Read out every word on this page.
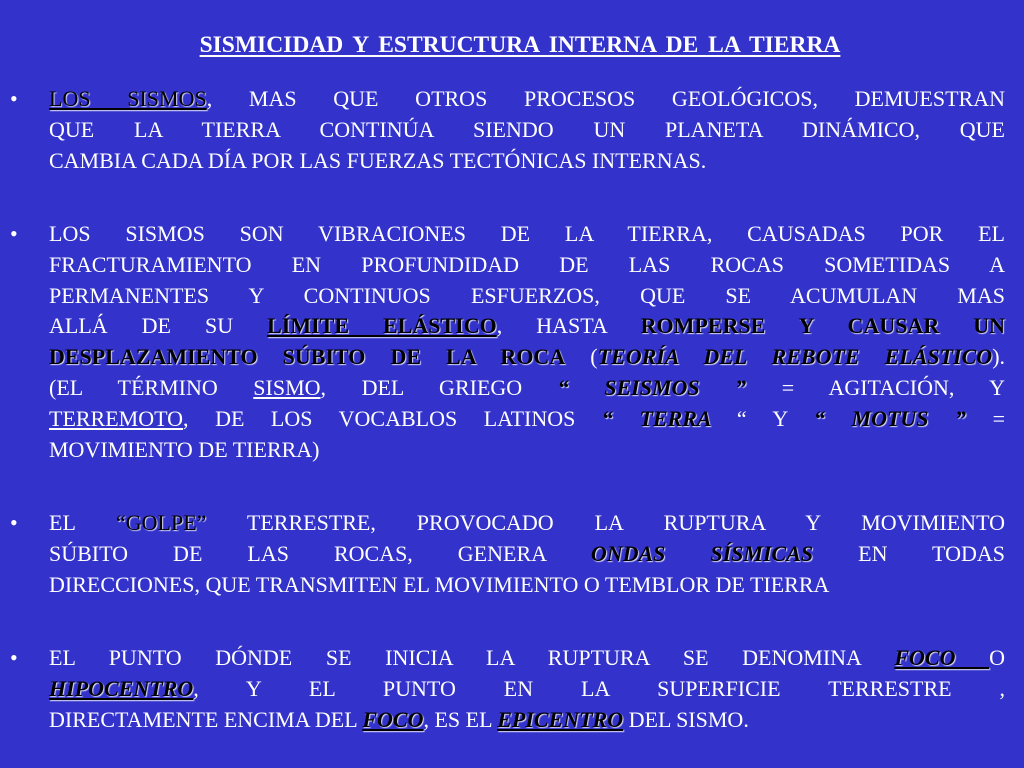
SISMICIDAD Y ESTRUCTURA INTERNA DE LA TIERRA
• LOS SISMOS, MAS QUE OTROS PROCESOS GEOLÓGICOS, DEMUESTRAN
QUE LA TIERRA CONTINÚA SIENDO UN PLANETA DINÁMICO, QUE
CAMBIA CADA DÍA POR LAS FUERZAS TECTÓNICAS INTERNAS.
• LOS SISMOS SON VIBRACIONES DE LA TIERRA, CAUSADAS POR EL
FRACTURAMIENTO EN PROFUNDIDAD DE LAS ROCAS SOMETIDAS A
PERMANENTES Y CONTINUOS ESFUERZOS, QUE SE ACUMULAN MAS
ALLÁ DE SU LÍMITE ELÁSTICO, HASTA ROMPERSE Y CAUSAR UN
DESPLAZAMIENTO SÚBITO DE LA ROCA (TEORÍA DEL REBOTE ELÁSTICO).
(EL TÉRMINO SISMO, DEL GRIEGO “ SEISMOS ” = AGITACIÓN, Y
TERREMOTO, DE LOS VOCABLOS LATINOS “ TERRA “ Y “ MOTUS ” =
MOVIMIENTO DE TIERRA)
• EL “GOLPE” TERRESTRE, PROVOCADO LA RUPTURA Y MOVIMIENTO
SÚBITO DE LAS ROCAS, GENERA ONDAS SÍSMICAS EN TODAS
DIRECCIONES, QUE TRANSMITEN EL MOVIMIENTO O TEMBLOR DE TIERRA
• EL PUNTO DÓNDE SE INICIA LA RUPTURA SE DENOMINA FOCO O
HIPOCENTRO, Y EL PUNTO EN LA SUPERFICIE TERRESTRE ,
DIRECTAMENTE ENCIMA DEL FOCO, ES EL EPICENTRO DEL SISMO.
